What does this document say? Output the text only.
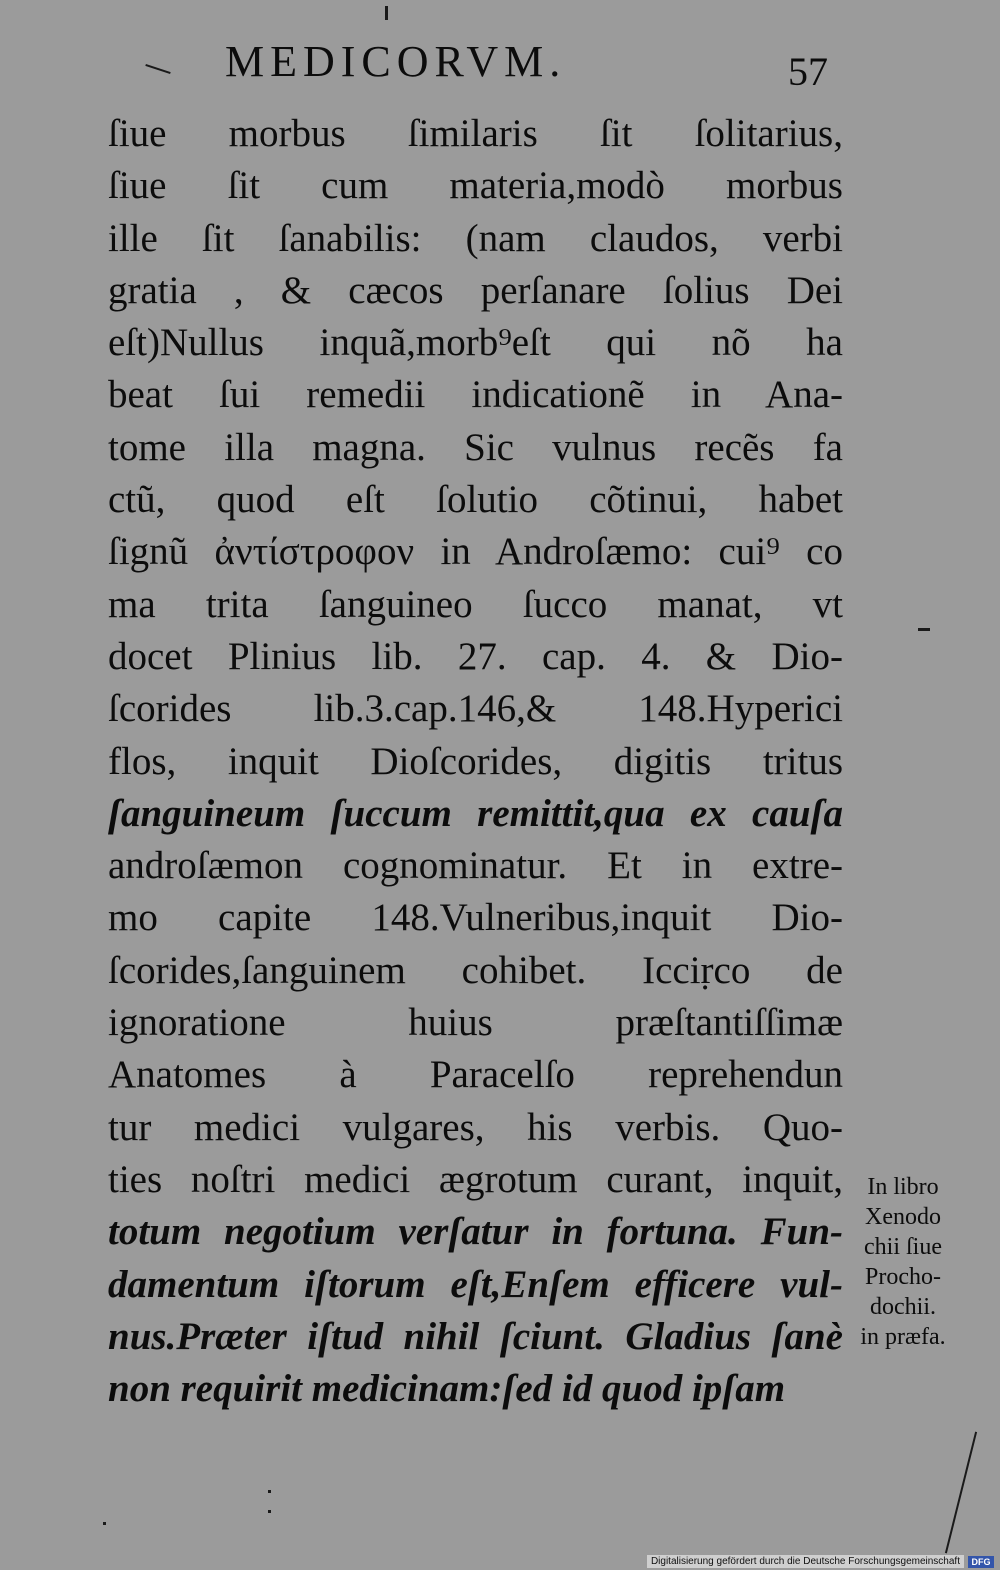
MEDICORVM.	57
ſiue morbus ſimilaris ſit ſolitarius,
ſiue ſit cum materia,modò morbus
ille ſit ſanabilis: (nam claudos, verbi
gratia , & cæcos perſanare ſolius Dei
eſt)Nullus inquã,morb⁹eſt qui nõ ha
beat ſui remedii indicationẽ in Ana-
tome illa magna. Sic vulnus recẽs fa
ctũ, quod eſt ſolutio cõtinui, habet
ſignũ ἀντίστροφον in Androſæmo: cui⁹ co
ma trita ſanguineo ſucco manat, vt
docet Plinius lib. 27. cap. 4. & Dio-
ſcorides lib.3.cap.146,& 148.Hyperici
flos, inquit Dioſcorides, digitis tritus
ſanguineum ſuccum remittit,qua ex cauſa
androſæmon cognominatur. Et in extre-
mo capite 148.Vulneribus,inquit Dio-
ſcorides,ſanguinem cohibet. Icciṛco de
ignoratione huius præſtantiſſimæ
Anatomes à Paracelſo reprehendun
tur medici vulgares, his verbis. Quo-
ties noſtri medici ægrotum curant, inquit,
totum negotium verſatur in fortuna. Fun-
damentum iſtorum eſt,Enſem efficere vul-
nus.Præter iſtud nihil ſciunt. Gladius ſanè
non requirit medicinam:ſed id quod ipſam
In libro
Xenodo
chii ſiue
Procho-
dochii.
in præfa.
Digitalisierung gefördert durch die Deutsche Forschungsgemeinschaft	DFG
